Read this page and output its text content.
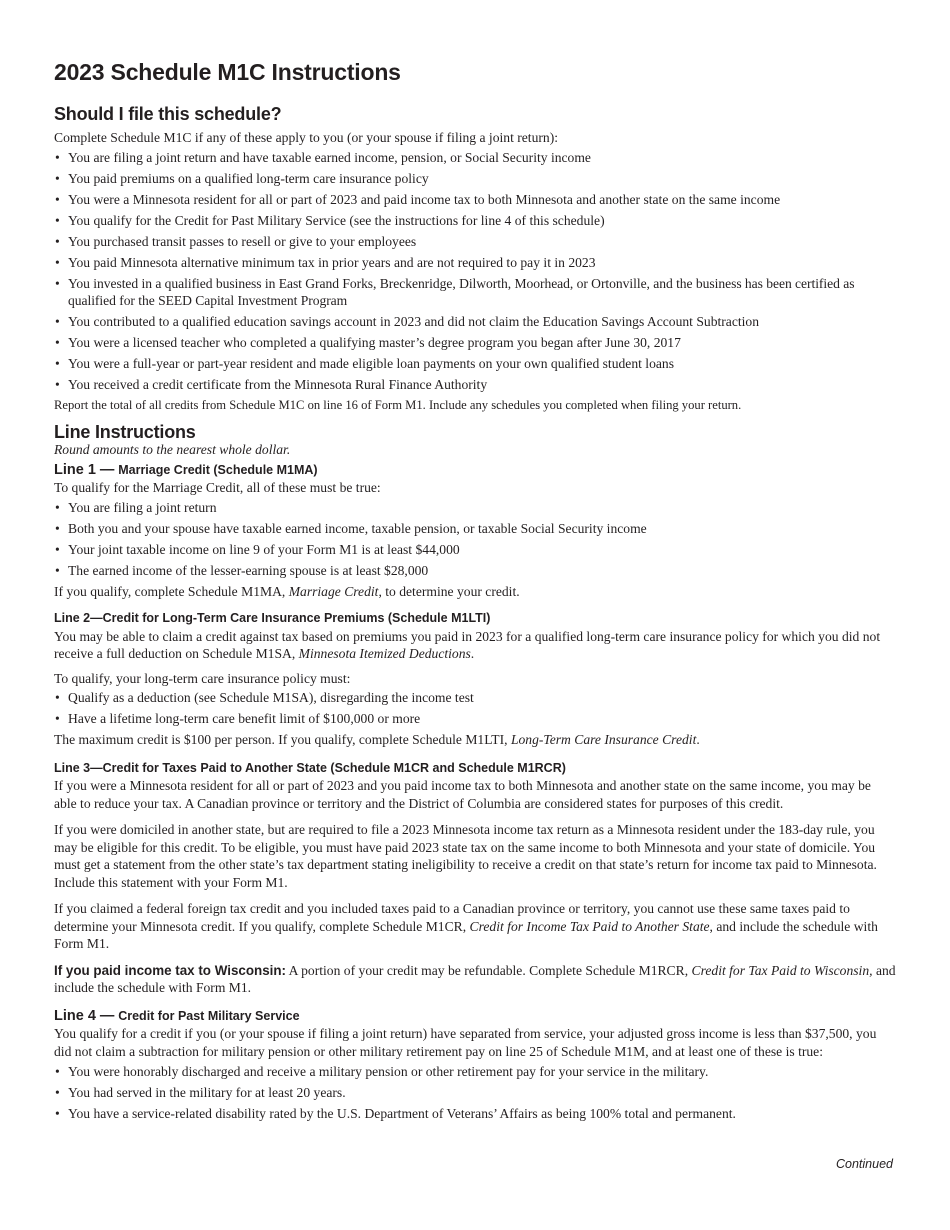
2023 Schedule M1C Instructions
Should I file this schedule?

Complete Schedule M1C if any of these apply to you (or your spouse if filing a joint return):

• You are filing a joint return and have taxable earned income, pension, or Social Security income
• You paid premiums on a qualified long-term care insurance policy
• You were a Minnesota resident for all or part of 2023 and paid income tax to both Minnesota and another state on the same income
• You qualify for the Credit for Past Military Service (see the instructions for line 4 of this schedule)
• You purchased transit passes to resell or give to your employees
• You paid Minnesota alternative minimum tax in prior years and are not required to pay it in 2023
• You invested in a qualified business in East Grand Forks, Breckenridge, Dilworth, Moorhead, or Ortonville, and the business has been certified as qualified for the SEED Capital Investment Program
• You contributed to a qualified education savings account in 2023 and did not claim the Education Savings Account Subtraction
• You were a licensed teacher who completed a qualifying master’s degree program you began after June 30, 2017
• You were a full-year or part-year resident and made eligible loan payments on your own qualified student loans
• You received a credit certificate from the Minnesota Rural Finance Authority

Report the total of all credits from Schedule M1C on line 16 of Form M1. Include any schedules you completed when filing your return.

Line Instructions

Round amounts to the nearest whole dollar.

Line 1 — Marriage Credit (Schedule M1MA)

To qualify for the Marriage Credit, all of these must be true:

• You are filing a joint return
• Both you and your spouse have taxable earned income, taxable pension, or taxable Social Security income
• Your joint taxable income on line 9 of your Form M1 is at least $44,000
• The earned income of the lesser-earning spouse is at least $28,000

If you qualify, complete Schedule M1MA, Marriage Credit, to determine your credit.

Line 2—Credit for Long-Term Care Insurance Premiums (Schedule M1LTI)

You may be able to claim a credit against tax based on premiums you paid in 2023 for a qualified long-term care insurance policy for which you did not receive a full deduction on Schedule M1SA, Minnesota Itemized Deductions.

To qualify, your long-term care insurance policy must:

• Qualify as a deduction (see Schedule M1SA), disregarding the income test
• Have a lifetime long-term care benefit limit of $100,000 or more

The maximum credit is $100 per person. If you qualify, complete Schedule M1LTI, Long-Term Care Insurance Credit.

Line 3—Credit for Taxes Paid to Another State (Schedule M1CR and Schedule M1RCR)

If you were a Minnesota resident for all or part of 2023 and you paid income tax to both Minnesota and another state on the same income, you may be able to reduce your tax. A Canadian province or territory and the District of Columbia are considered states for purposes of this credit.

If you were domiciled in another state, but are required to file a 2023 Minnesota income tax return as a Minnesota resident under the 183-day rule, you may be eligible for this credit. To be eligible, you must have paid 2023 state tax on the same income to both Minnesota and your state of domicile. You must get a statement from the other state’s tax department stating ineligibility to receive a credit on that state’s return for income tax paid to Minnesota. Include this statement with your Form M1.

If you claimed a federal foreign tax credit and you included taxes paid to a Canadian province or territory, you cannot use these same taxes paid to determine your Minnesota credit. If you qualify, complete Schedule M1CR, Credit for Income Tax Paid to Another State, and include the schedule with Form M1.

If you paid income tax to Wisconsin: A portion of your credit may be refundable. Complete Schedule M1RCR, Credit for Tax Paid to Wisconsin, and include the schedule with Form M1.

Line 4 — Credit for Past Military Service

You qualify for a credit if you (or your spouse if filing a joint return) have separated from service, your adjusted gross income is less than $37,500, you did not claim a subtraction for military pension or other military retirement pay on line 25 of Schedule M1M, and at least one of these is true:

• You were honorably discharged and receive a military pension or other retirement pay for your service in the military.
• You had served in the military for at least 20 years.
• You have a service-related disability rated by the U.S. Department of Veterans’ Affairs as being 100% total and permanent.
Continued
